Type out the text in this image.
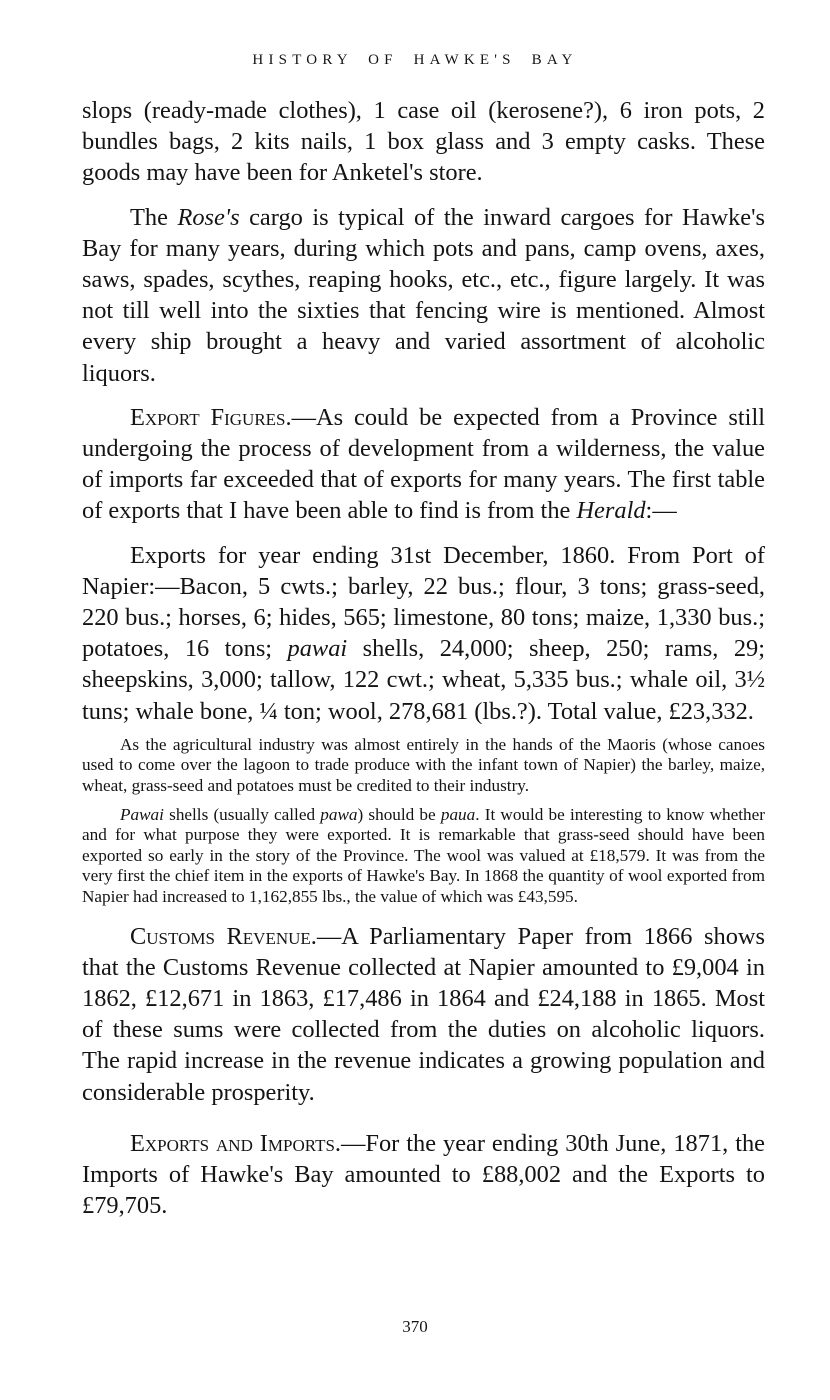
HISTORY OF HAWKE'S BAY

slops (ready-made clothes), 1 case oil (kerosene?), 6 iron pots, 2 bundles bags, 2 kits nails, 1 box glass and 3 empty casks. These goods may have been for Anketel's store.

The Rose's cargo is typical of the inward cargoes for Hawke's Bay for many years, during which pots and pans, camp ovens, axes, saws, spades, scythes, reaping hooks, etc., etc., figure largely. It was not till well into the sixties that fencing wire is mentioned. Almost every ship brought a heavy and varied assortment of alcoholic liquors.

Export Figures.—As could be expected from a Province still undergoing the process of development from a wilderness, the value of imports far exceeded that of exports for many years. The first table of exports that I have been able to find is from the Herald:—

Exports for year ending 31st December, 1860. From Port of Napier:—Bacon, 5 cwts.; barley, 22 bus.; flour, 3 tons; grass-seed, 220 bus.; horses, 6; hides, 565; limestone, 80 tons; maize, 1,330 bus.; potatoes, 16 tons; pawai shells, 24,000; sheep, 250; rams, 29; sheepskins, 3,000; tallow, 122 cwt.; wheat, 5,335 bus.; whale oil, 3½ tuns; whale bone, ¼ ton; wool, 278,681 (lbs.?). Total value, £23,332.

As the agricultural industry was almost entirely in the hands of the Maoris (whose canoes used to come over the lagoon to trade produce with the infant town of Napier) the barley, maize, wheat, grass-seed and potatoes must be credited to their industry.

Pawai shells (usually called pawa) should be paua. It would be interesting to know whether and for what purpose they were exported. It is remarkable that grass-seed should have been exported so early in the story of the Province. The wool was valued at £18,579. It was from the very first the chief item in the exports of Hawke's Bay. In 1868 the quantity of wool exported from Napier had increased to 1,162,855 lbs., the value of which was £43,595.

Customs Revenue.—A Parliamentary Paper from 1866 shows that the Customs Revenue collected at Napier amounted to £9,004 in 1862, £12,671 in 1863, £17,486 in 1864 and £24,188 in 1865. Most of these sums were collected from the duties on alcoholic liquors. The rapid increase in the revenue indicates a growing population and considerable prosperity.

Exports and Imports.—For the year ending 30th June, 1871, the Imports of Hawke's Bay amounted to £88,002 and the Exports to £79,705.

370
